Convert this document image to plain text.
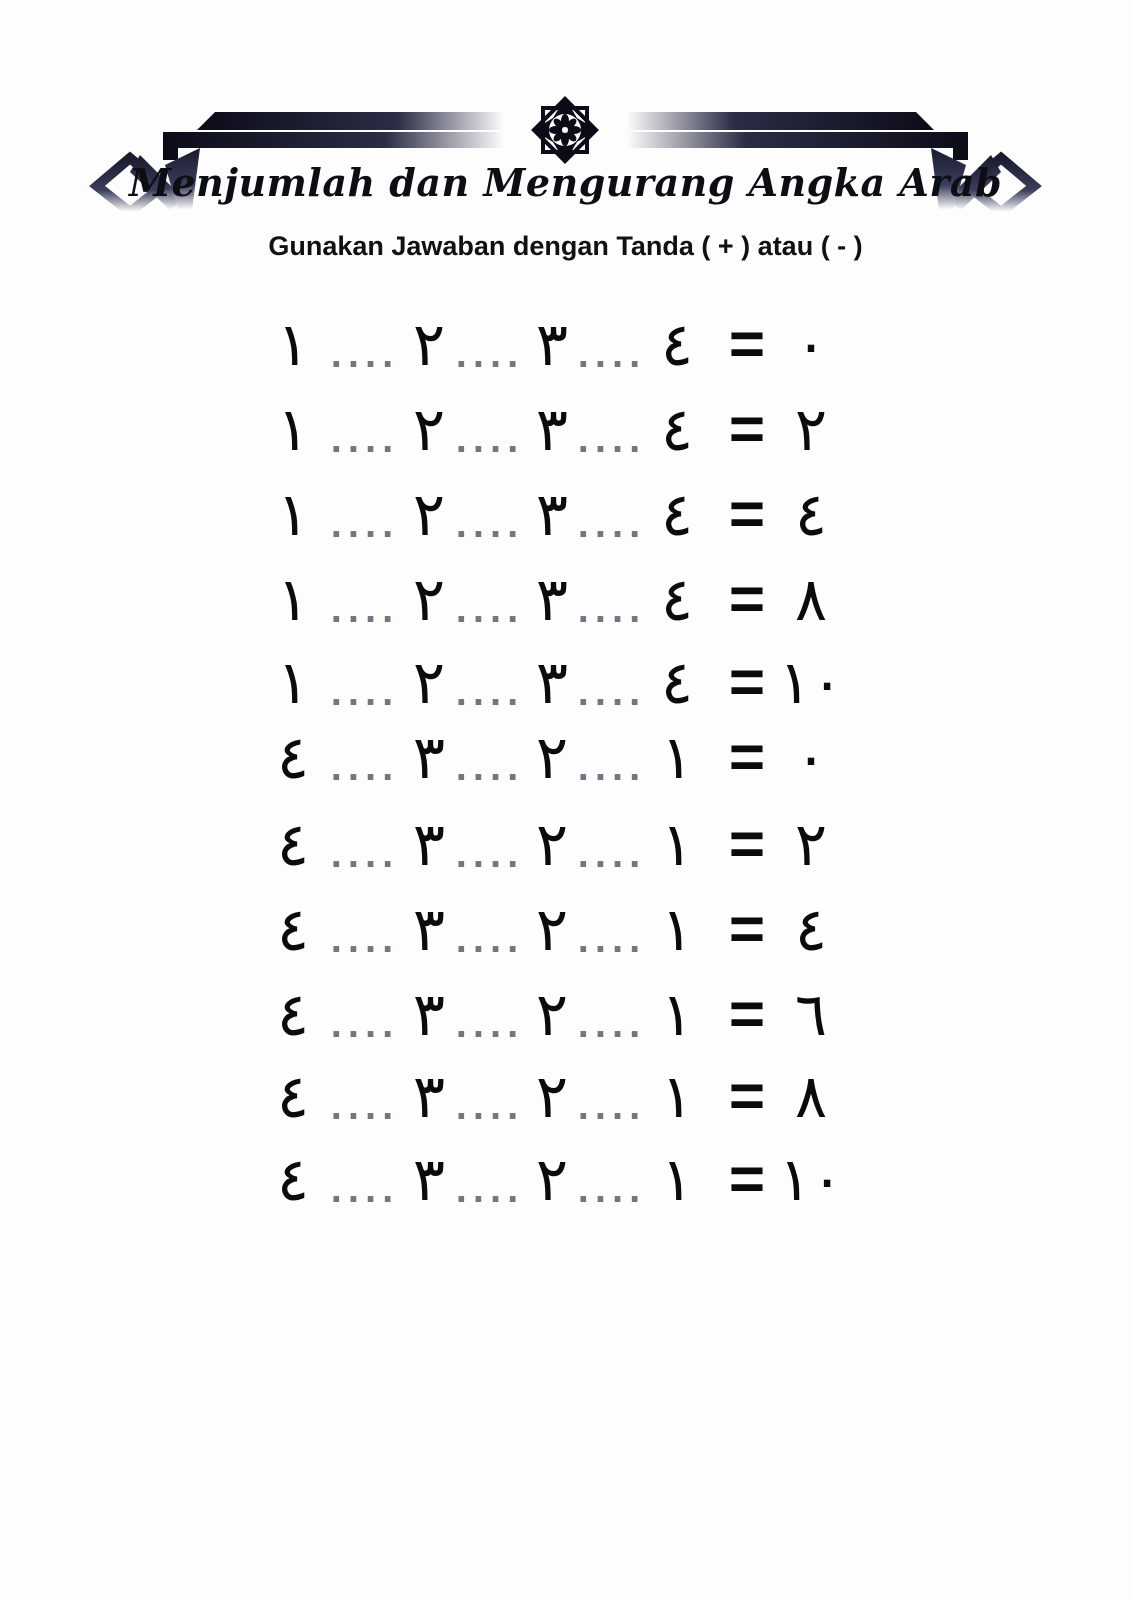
Menjumlah dan Mengurang Angka Arab
Gunakan Jawaban dengan Tanda ( + ) atau ( - )
١ .... ٢ .... ٣ .... ٤ = ٠
١ .... ٢ .... ٣ .... ٤ = ٢
١ .... ٢ .... ٣ .... ٤ = ٤
١ .... ٢ .... ٣ .... ٤ = ٨
١ .... ٢ .... ٣ .... ٤ = ١٠
٤ .... ٣ .... ٢ .... ١ = ٠
٤ .... ٣ .... ٢ .... ١ = ٢
٤ .... ٣ .... ٢ .... ١ = ٤
٤ .... ٣ .... ٢ .... ١ = ٦
٤ .... ٣ .... ٢ .... ١ = ٨
٤ .... ٣ .... ٢ .... ١ = ١٠
